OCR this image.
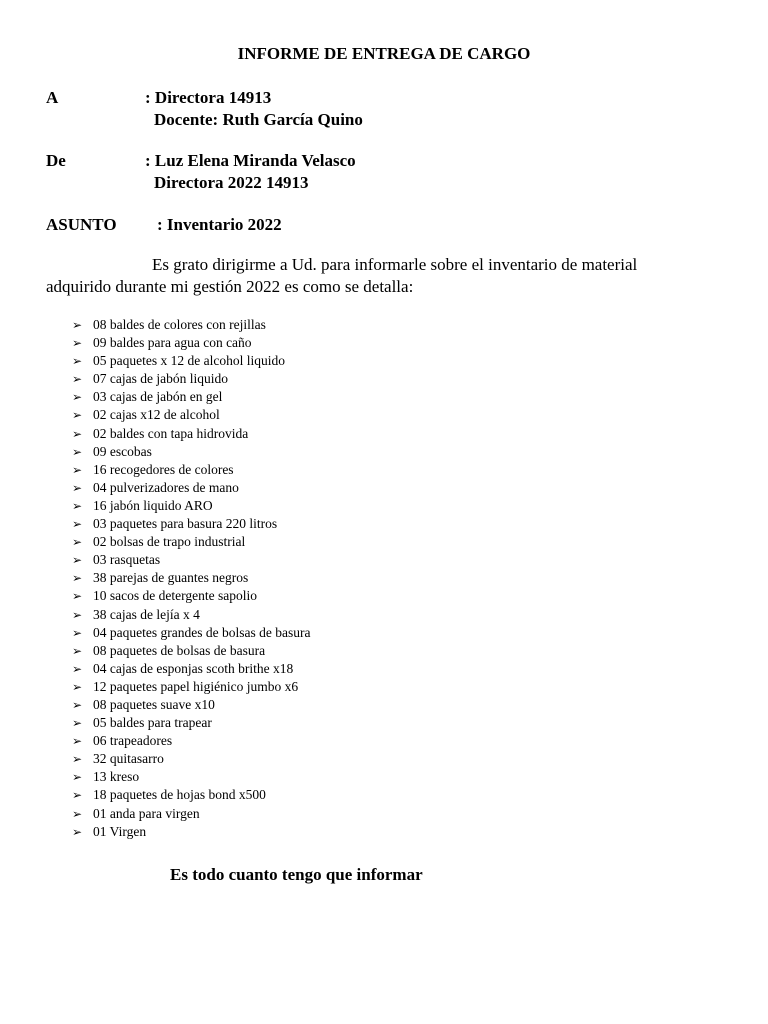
INFORME DE ENTREGA DE CARGO
A	: Directora 14913
Docente: Ruth García Quino
De	: Luz Elena Miranda Velasco
Directora 2022 14913
ASUNTO : Inventario 2022
Es grato dirigirme a Ud. para informarle sobre el inventario de material
adquirido durante mi gestión 2022 es como se detalla:
➢ 08 baldes de colores con rejillas
➢ 09 baldes para agua con caño
➢ 05 paquetes x 12 de alcohol liquido
➢ 07 cajas de jabón liquido
➢ 03 cajas de jabón en gel
➢ 02 cajas x12 de alcohol
➢ 02 baldes con tapa hidrovida
➢ 09 escobas
➢ 16 recogedores de colores
➢ 04 pulverizadores de mano
➢ 16 jabón liquido ARO
➢ 03 paquetes para basura 220 litros
➢ 02 bolsas de trapo industrial
➢ 03 rasquetas
➢ 38 parejas de guantes negros
➢ 10 sacos de detergente sapolio
➢ 38 cajas de lejía x 4
➢ 04 paquetes grandes de bolsas de basura
➢ 08 paquetes de bolsas de basura
➢ 04 cajas de esponjas scoth brithe x18
➢ 12 paquetes papel higiénico jumbo x6
➢ 08 paquetes suave x10
➢ 05 baldes para trapear
➢ 06 trapeadores
➢ 32 quitasarro
➢ 13 kreso
➢ 18 paquetes de hojas bond x500
➢ 01 anda para virgen
➢ 01 Virgen
Es todo cuanto tengo que informar
